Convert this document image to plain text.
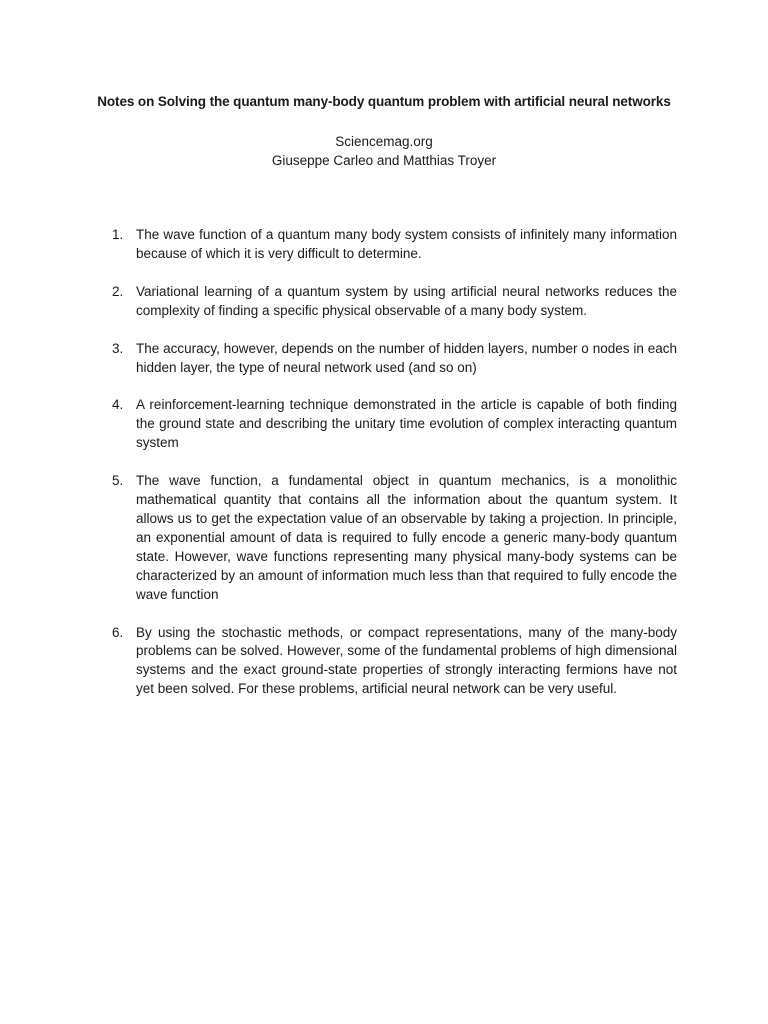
Notes on Solving the quantum many-body quantum problem with artificial neural networks
Sciencemag.org
Giuseppe Carleo and Matthias Troyer
1. The wave function of a quantum many body system consists of infinitely many information because of which it is very difficult to determine.
2. Variational learning of a quantum system by using artificial neural networks reduces the complexity of finding a specific physical observable of a many body system.
3. The accuracy, however, depends on the number of hidden layers, number o nodes in each hidden layer, the type of neural network used (and so on)
4. A reinforcement-learning technique demonstrated in the article is capable of both finding the ground state and describing the unitary time evolution of complex interacting quantum system
5. The wave function, a fundamental object in quantum mechanics, is a monolithic mathematical quantity that contains all the information about the quantum system. It allows us to get the expectation value of an observable by taking a projection. In principle, an exponential amount of data is required to fully encode a generic many-body quantum state. However, wave functions representing many physical many-body systems can be characterized by an amount of information much less than that required to fully encode the wave function
6. By using the stochastic methods, or compact representations, many of the many-body problems can be solved. However, some of the fundamental problems of high dimensional systems and the exact ground-state properties of strongly interacting fermions have not yet been solved. For these problems, artificial neural network can be very useful.
